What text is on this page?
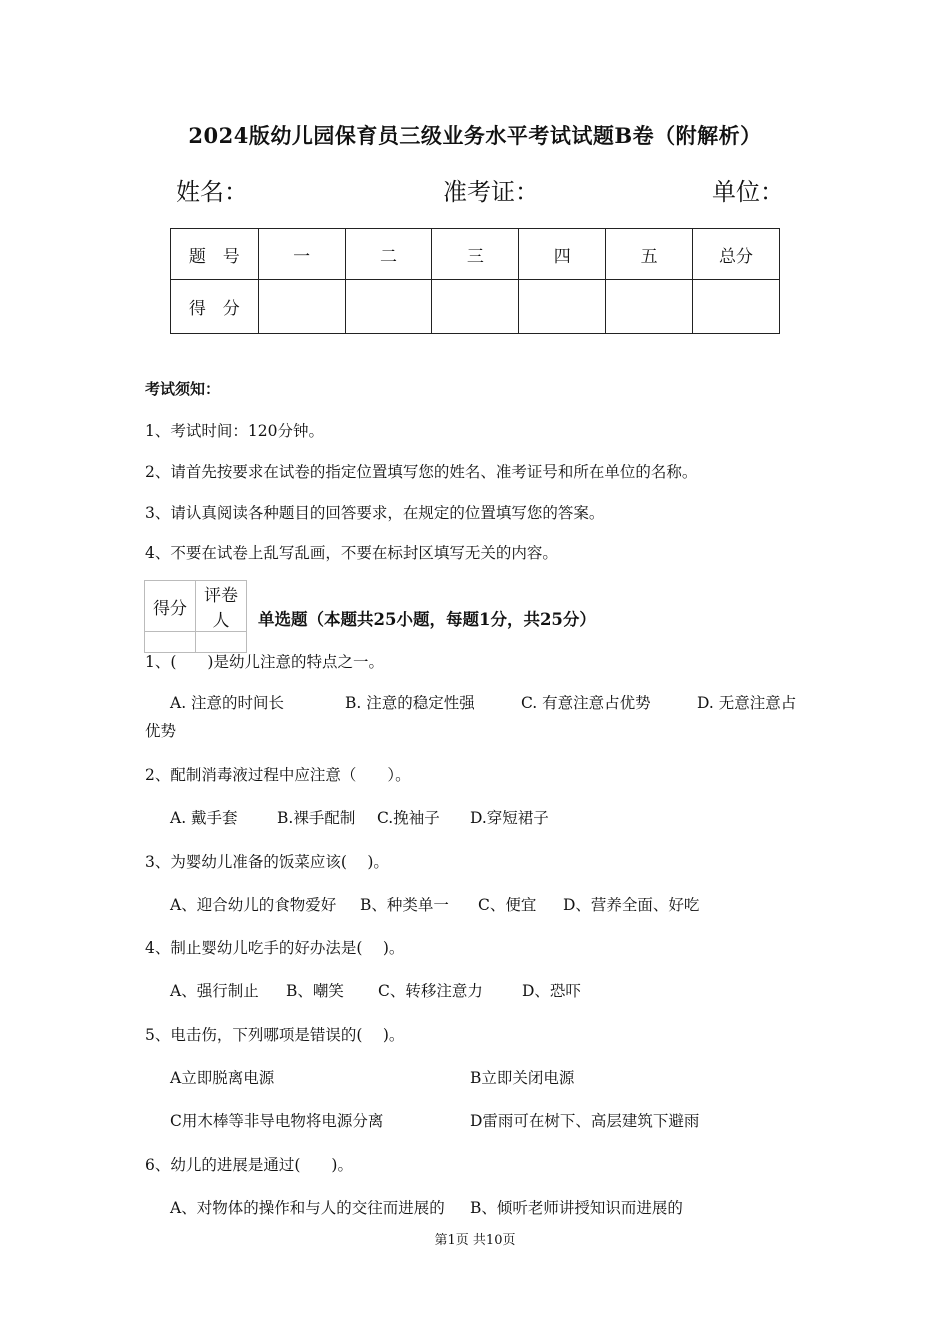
2024版幼儿园保育员三级业务水平考试试题B卷（附解析）
姓名：	准考证：	单位：
题　号	一	二	三	四	五	总分
得　分						
考试须知：
1、考试时间：120分钟。
2、请首先按要求在试卷的指定位置填写您的姓名、准考证号和所在单位的名称。
3、请认真阅读各种题目的回答要求，在规定的位置填写您的答案。
4、不要在试卷上乱写乱画，不要在标封区填写无关的内容。
得分	评卷人
	单选题（本题共25小题，每题1分，共25分）
1、(　　)是幼儿注意的特点之一。
A. 注意的时间长	B. 注意的稳定性强	C. 有意注意占优势	D. 无意注意占
优势
2、配制消毒液过程中应注意（　　）。
A. 戴手套	B.裸手配制 C.挽袖子 D.穿短裙子
3、为婴幼儿准备的饭菜应该(　 )。
A、迎合幼儿的食物爱好 B、种类单一 C、便宜 D、营养全面、好吃
4、制止婴幼儿吃手的好办法是(　 )。
A、强行制止 B、嘲笑 C、转移注意力	D、恐吓
5、电击伤，下列哪项是错误的(　 )。
A立即脱离电源	B立即关闭电源
C用木棒等非导电物将电源分离	D雷雨可在树下、高层建筑下避雨
6、幼儿的进展是通过(　　)。
A、对物体的操作和与人的交往而进展的 B、倾听老师讲授知识而进展的
第1页 共10页
